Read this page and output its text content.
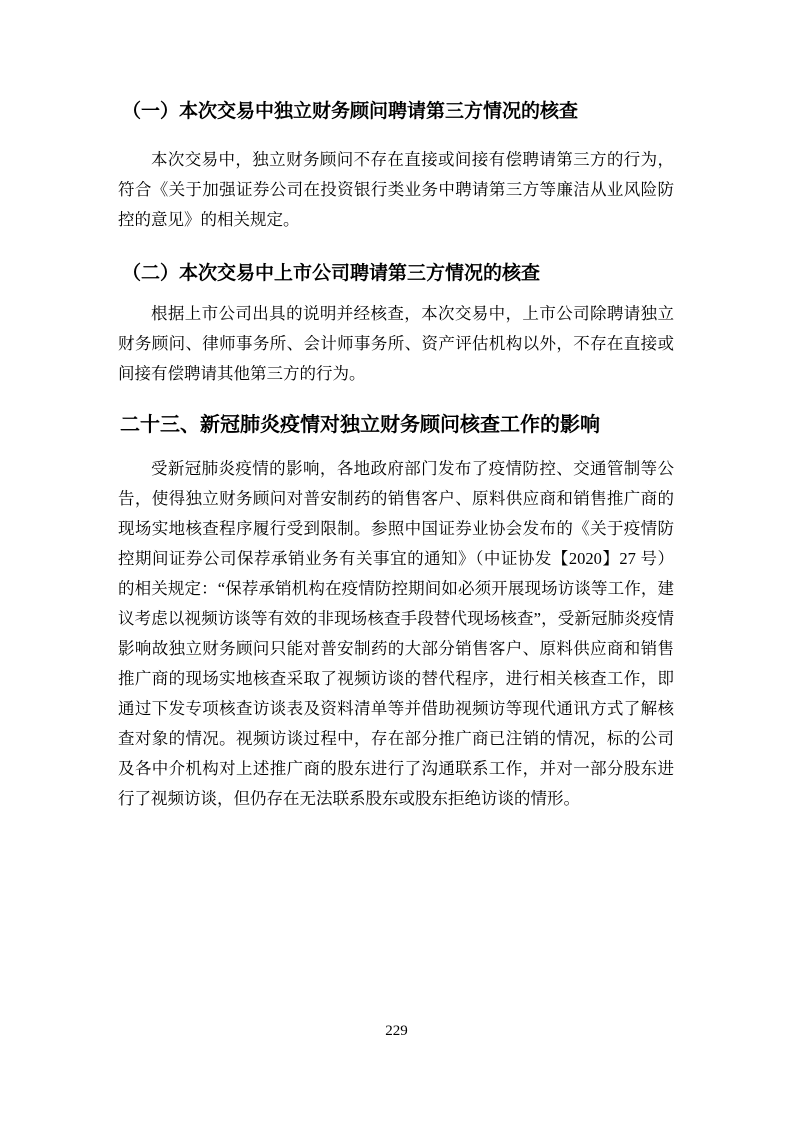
（一）本次交易中独立财务顾问聘请第三方情况的核查

本次交易中，独立财务顾问不存在直接或间接有偿聘请第三方的行为，符合《关于加强证券公司在投资银行类业务中聘请第三方等廉洁从业风险防控的意见》的相关规定。

（二）本次交易中上市公司聘请第三方情况的核查

根据上市公司出具的说明并经核查，本次交易中，上市公司除聘请独立财务顾问、律师事务所、会计师事务所、资产评估机构以外，不存在直接或间接有偿聘请其他第三方的行为。

二十三、新冠肺炎疫情对独立财务顾问核查工作的影响

受新冠肺炎疫情的影响，各地政府部门发布了疫情防控、交通管制等公告，使得独立财务顾问对普安制药的销售客户、原料供应商和销售推广商的现场实地核查程序履行受到限制。参照中国证券业协会发布的《关于疫情防控期间证券公司保荐承销业务有关事宜的通知》（中证协发【2020】27 号）的相关规定：“保荐承销机构在疫情防控期间如必须开展现场访谈等工作，建议考虑以视频访谈等有效的非现场核查手段替代现场核查”，受新冠肺炎疫情影响故独立财务顾问只能对普安制药的大部分销售客户、原料供应商和销售推广商的现场实地核查采取了视频访谈的替代程序，进行相关核查工作，即通过下发专项核查访谈表及资料清单等并借助视频访等现代通讯方式了解核查对象的情况。视频访谈过程中，存在部分推广商已注销的情况，标的公司及各中介机构对上述推广商的股东进行了沟通联系工作，并对一部分股东进行了视频访谈，但仍存在无法联系股东或股东拒绝访谈的情形。

229
